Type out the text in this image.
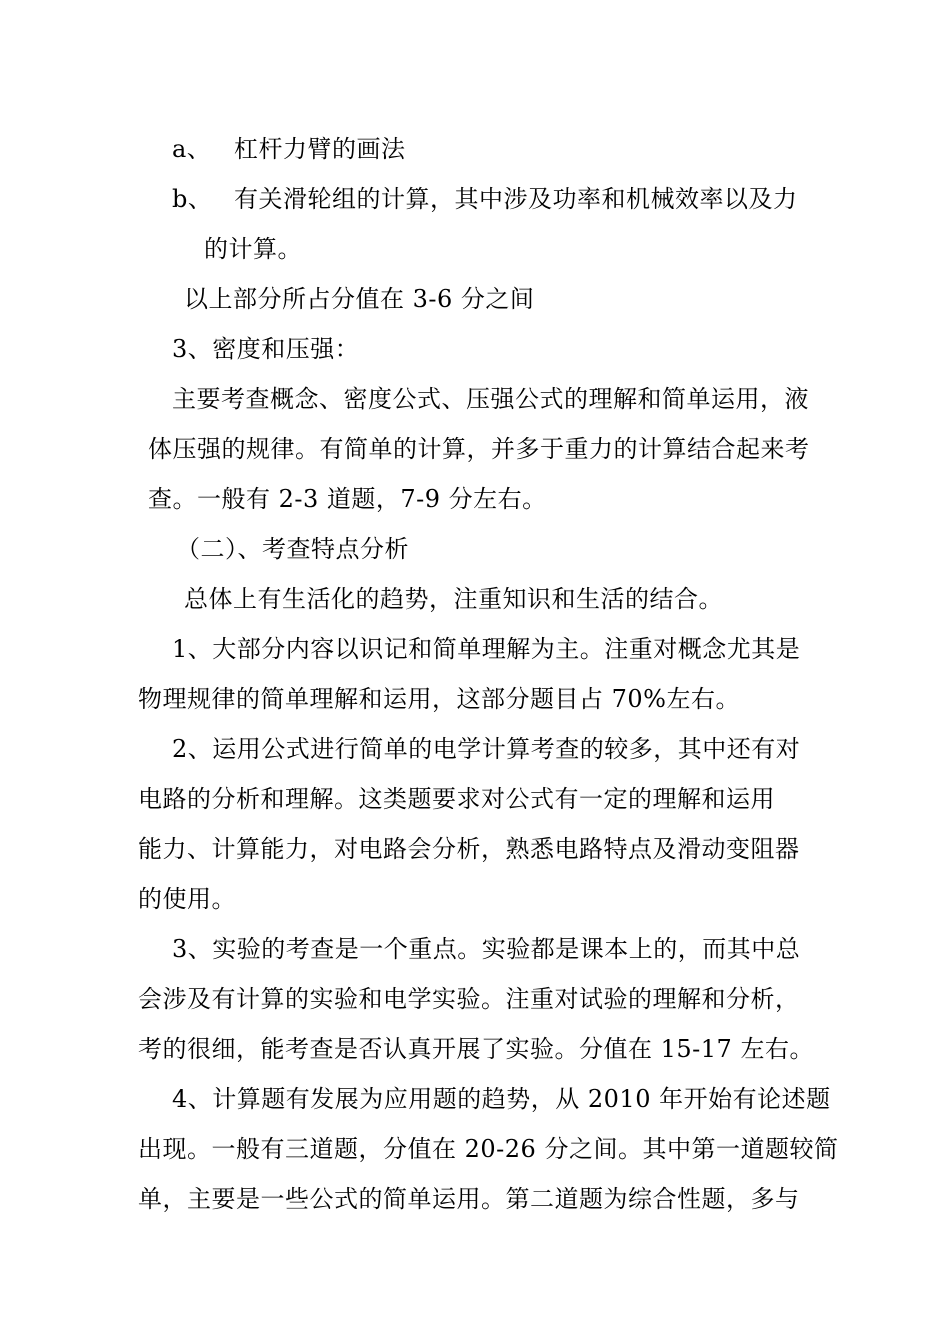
a、 杠杆力臂的画法
b、 有关滑轮组的计算，其中涉及功率和机械效率以及力
的计算。
以上部分所占分值在 3-6 分之间
3、密度和压强：
主要考查概念、密度公式、压强公式的理解和简单运用，液
体压强的规律。有简单的计算，并多于重力的计算结合起来考
查。一般有 2-3 道题，7-9 分左右。
（二）、考查特点分析
总体上有生活化的趋势，注重知识和生活的结合。
1、大部分内容以识记和简单理解为主。注重对概念尤其是
物理规律的简单理解和运用，这部分题目占 70%左右。
2、运用公式进行简单的电学计算考查的较多，其中还有对
电路的分析和理解。这类题要求对公式有一定的理解和运用
能力、计算能力，对电路会分析，熟悉电路特点及滑动变阻器
的使用。
3、实验的考查是一个重点。实验都是课本上的，而其中总
会涉及有计算的实验和电学实验。注重对试验的理解和分析，
考的很细，能考查是否认真开展了实验。分值在 15-17 左右。
4、计算题有发展为应用题的趋势，从 2010 年开始有论述题
出现。一般有三道题，分值在 20-26 分之间。其中第一道题较简
单，主要是一些公式的简单运用。第二道题为综合性题，多与
